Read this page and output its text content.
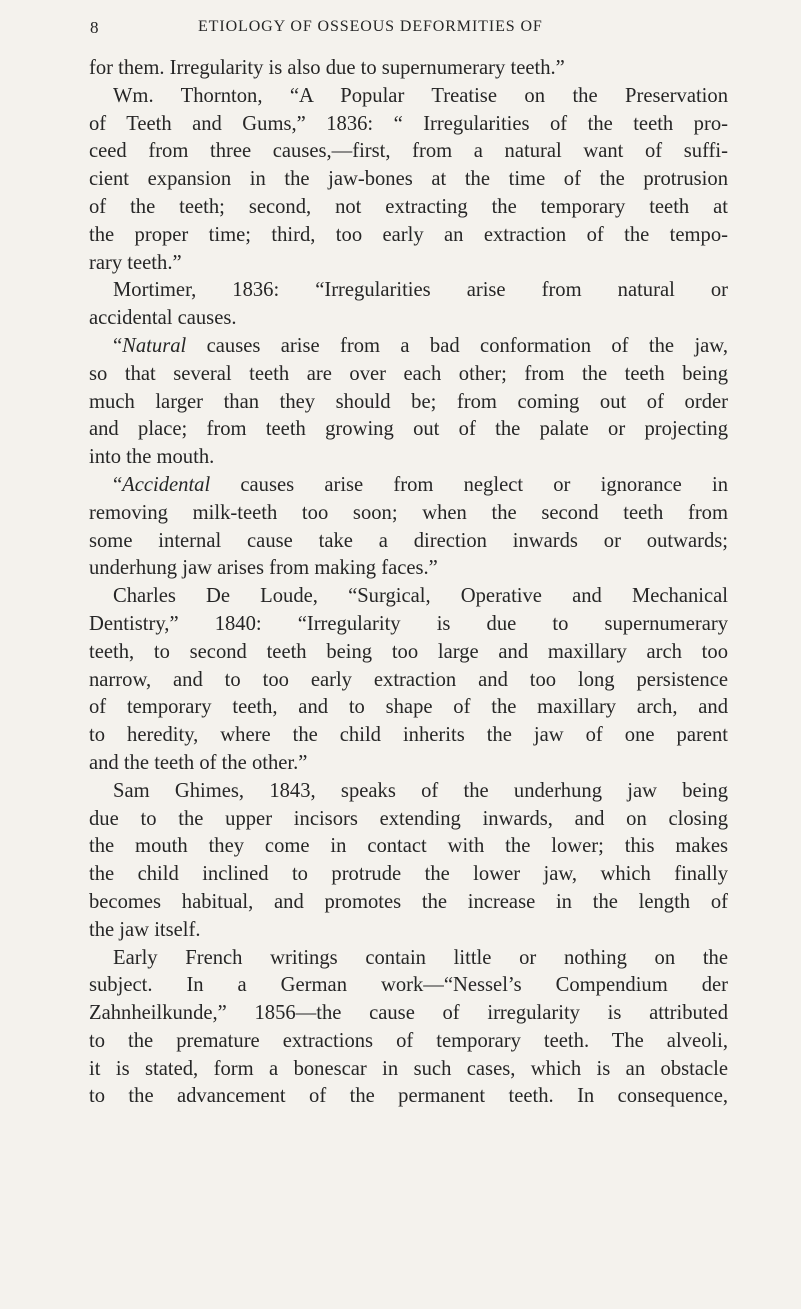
8	ETIOLOGY OF OSSEOUS DEFORMITIES OF
for them. Irregularity is also due to supernumerary teeth.”
Wm. Thornton, “A Popular Treatise on the Preservation
of Teeth and Gums,” 1836: “ Irregularities of the teeth pro-
ceed from three causes,—first, from a natural want of suffi-
cient expansion in the jaw-bones at the time of the protrusion
of the teeth; second, not extracting the temporary teeth at
the proper time; third, too early an extraction of the tempo-
rary teeth.”
Mortimer, 1836: “Irregularities arise from natural or
accidental causes.
“Natural causes arise from a bad conformation of the jaw,
so that several teeth are over each other; from the teeth being
much larger than they should be; from coming out of order
and place; from teeth growing out of the palate or projecting
into the mouth.
“Accidental causes arise from neglect or ignorance in
removing milk-teeth too soon; when the second teeth from
some internal cause take a direction inwards or outwards;
underhung jaw arises from making faces.”
Charles De Loude, “Surgical, Operative and Mechanical
Dentistry,” 1840: “Irregularity is due to supernumerary
teeth, to second teeth being too large and maxillary arch too
narrow, and to too early extraction and too long persistence
of temporary teeth, and to shape of the maxillary arch, and
to heredity, where the child inherits the jaw of one parent
and the teeth of the other.”
Sam Ghimes, 1843, speaks of the underhung jaw being
due to the upper incisors extending inwards, and on closing
the mouth they come in contact with the lower; this makes
the child inclined to protrude the lower jaw, which finally
becomes habitual, and promotes the increase in the length of
the jaw itself.
Early French writings contain little or nothing on the
subject. In a German work—“Nessel’s Compendium der
Zahnheilkunde,” 1856—the cause of irregularity is attributed
to the premature extractions of temporary teeth. The alveoli,
it is stated, form a bonescar in such cases, which is an obstacle
to the advancement of the permanent teeth. In consequence,
